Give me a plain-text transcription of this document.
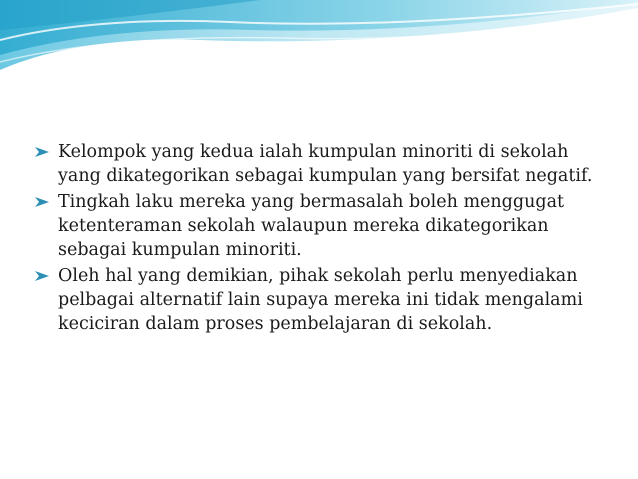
Kelompok yang kedua ialah kumpulan minoriti di sekolah yang dikategorikan sebagai kumpulan yang bersifat negatif.
Tingkah laku mereka yang bermasalah boleh menggugat ketenteraman sekolah walaupun mereka dikategorikan sebagai kumpulan minoriti.
Oleh hal yang demikian, pihak sekolah perlu menyediakan pelbagai alternatif lain supaya mereka ini tidak mengalami keciciran dalam proses pembelajaran di sekolah.
